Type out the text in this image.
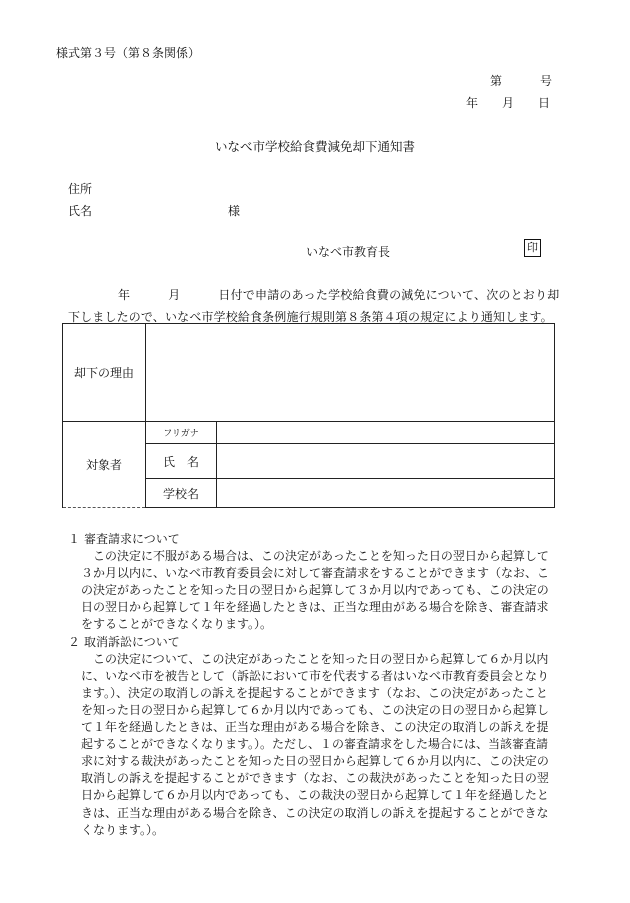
様式第３号（第８条関係）
第	号
年 月 日
いなべ市学校給食費減免却下通知書
住所
氏名	様
いなべ市教育長	印
年	月	日付で申請のあった学校給食費の減免について、次のとおり却
下しましたので、いなべ市学校給食条例施行規則第８条第４項の規定により通知します。
却下の理由		
対象者	フリガナ	
	氏　名	
	学校名	
１ 審査請求について
　この決定に不服がある場合は、この決定があったことを知った日の翌日から起算して
３か月以内に、いなべ市教育委員会に対して審査請求をすることができます（なお、こ
の決定があったことを知った日の翌日から起算して３か月以内であっても、この決定の
日の翌日から起算して１年を経過したときは、正当な理由がある場合を除き、審査請求
をすることができなくなります。）。
２ 取消訴訟について
　この決定について、この決定があったことを知った日の翌日から起算して６か月以内
に、いなべ市を被告として（訴訟において市を代表する者はいなべ市教育委員会となり
ます。）、決定の取消しの訴えを提起することができます（なお、この決定があったこと
を知った日の翌日から起算して６か月以内であっても、この決定の日の翌日から起算し
て１年を経過したときは、正当な理由がある場合を除き、この決定の取消しの訴えを提
起することができなくなります。）。ただし、１の審査請求をした場合には、当該審査請
求に対する裁決があったことを知った日の翌日から起算して６か月以内に、この決定の
取消しの訴えを提起することができます（なお、この裁決があったことを知った日の翌
日から起算して６か月以内であっても、この裁決の翌日から起算して１年を経過したと
きは、正当な理由がある場合を除き、この決定の取消しの訴えを提起することができな
くなります。）。
